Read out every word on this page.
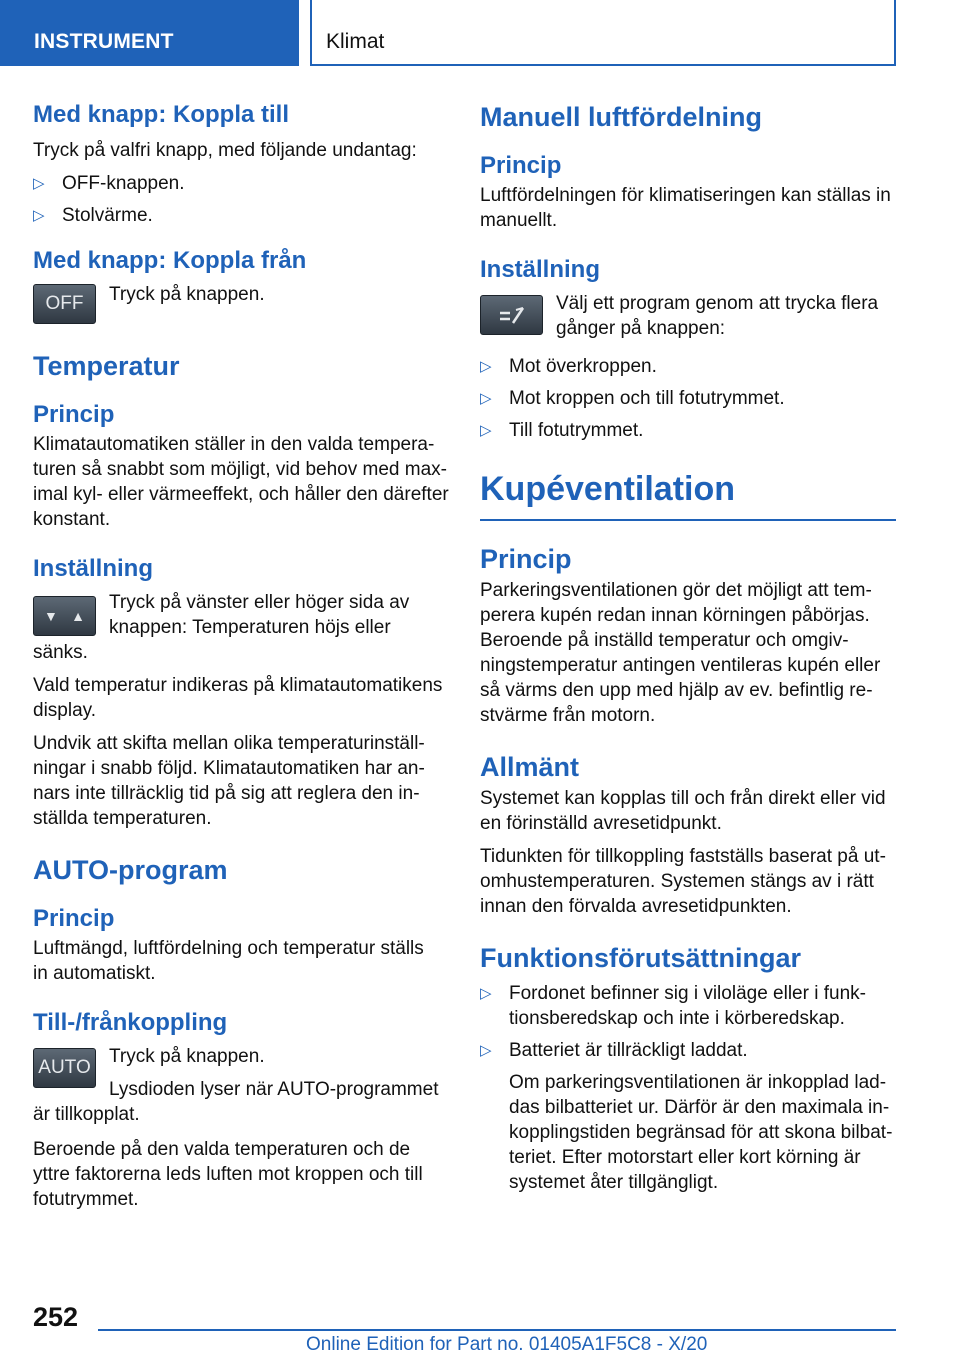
INSTRUMENT	Klimat
Med knapp: Koppla till

Tryck på valfri knapp, med följande undantag:

▷ OFF-knappen.
▷ Stolvärme.
Med knapp: Koppla från
OFF	Tryck på knappen.

Temperatur
Princip

Klimatautomatiken ställer in den valda tempera-
turen så snabbt som möjligt, vid behov med max-
imal kyl- eller värmeeffekt, och håller den därefter
konstant.

Inställning
▼ ▲

Tryck på vänster eller höger sida av
knappen: Temperaturen höjs eller

sänks.

Vald temperatur indikeras på klimatautomatikens
display.

Undvik att skifta mellan olika temperaturinställ-
ningar i snabb följd. Klimatautomatiken har an-
nars inte tillräcklig tid på sig att reglera den in-
ställda temperaturen.

AUTO-program
Princip

Luftmängd, luftfördelning och temperatur ställs
in automatiskt.

Till-/frånkoppling
AUTO

Tryck på knappen.

Lysdioden lyser när AUTO-programmet

är tillkopplat.

Beroende på den valda temperaturen och de
yttre faktorerna leds luften mot kroppen och till
fotutrymmet.

Manuell luftfördelning
Princip

Luftfördelningen för klimatiseringen kan ställas in
manuellt.

Inställning

Välj ett program genom att trycka flera
gånger på knappen:

▷ Mot överkroppen.
▷ Mot kroppen och till fotutrymmet.
▷ Till fotutrymmet.
Kupéventilation
Princip

Parkeringsventilationen gör det möjligt att tem-
perera kupén redan innan körningen påbörjas.
Beroende på inställd temperatur och omgiv-
ningstemperatur antingen ventileras kupén eller
så värms den upp med hjälp av ev. befintlig re-
stvärme från motorn.

Allmänt

Systemet kan kopplas till och från direkt eller vid
en förinställd avresetidpunkt.

Tidunkten för tillkoppling fastställs baserat på ut-
omhustemperaturen. Systemen stängs av i rätt
innan den förvalda avresetidpunkten.

Funktionsförutsättningar
▷ Fordonet befinner sig i viloläge eller i funk-
tionsberedskap och inte i körberedskap.
▷ Batteriet är tillräckligt laddat.

Om parkeringsventilationen är inkopplad lad-
das bilbatteriet ur. Därför är den maximala in-
kopplingstiden begränsad för att skona bilbat-
teriet. Efter motorstart eller kort körning är
systemet åter tillgängligt.

252
Online Edition for Part no. 01405A1F5C8 - X/20
